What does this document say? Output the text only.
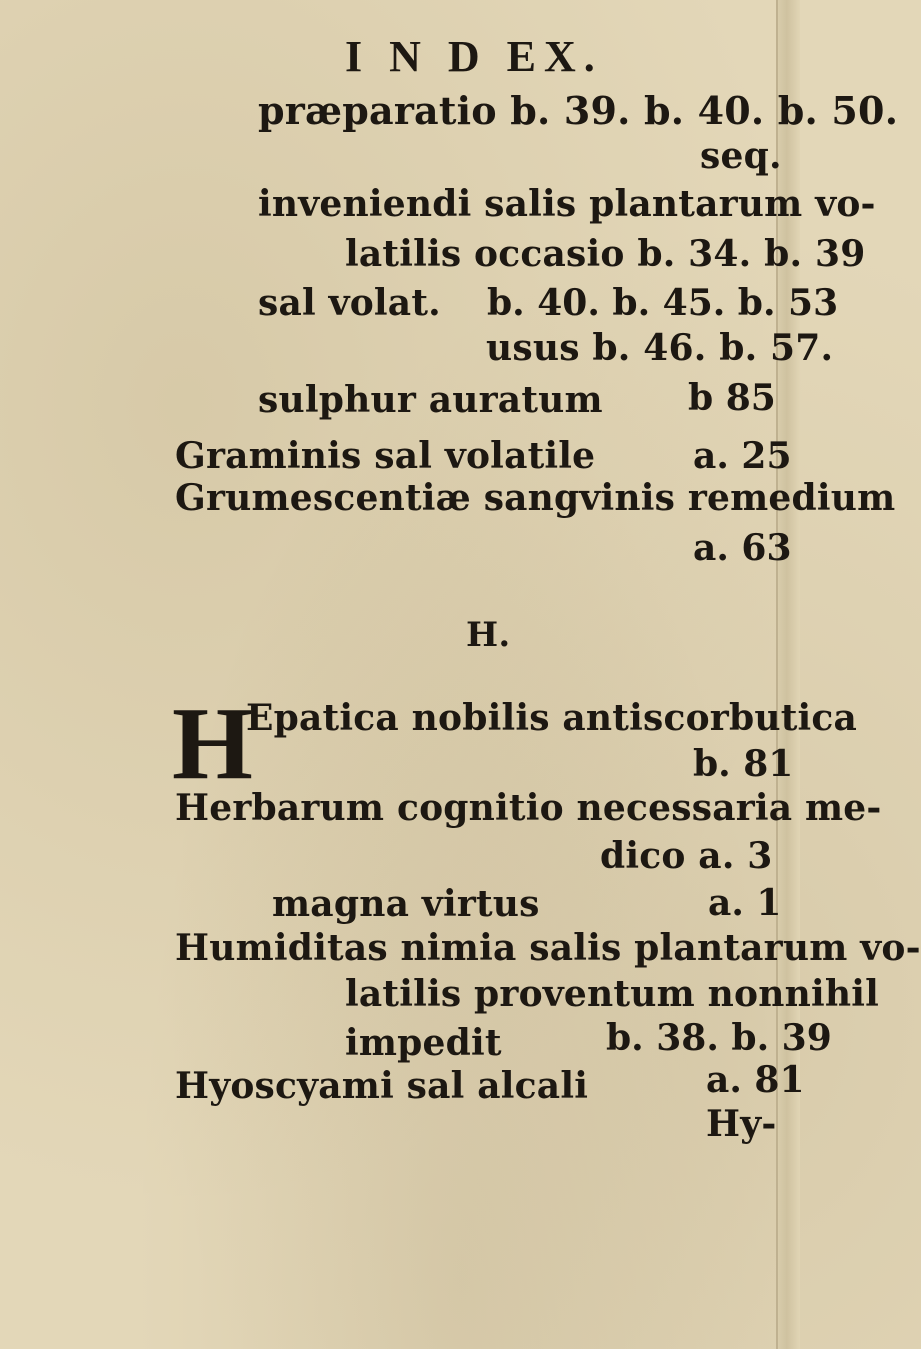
I N D EX.
præparatio b. 39. b. 40. b. 50.
seq.
inveniendi salis plantarum vo-
latilis occasio b. 34. b. 39
sal volat. b. 40. b. 45. b. 53
usus b. 46. b. 57.
sulphur auratum b 85
Graminis sal volatile	a. 25
Grumescentiæ sangvinis remedium
a. 63
H.
H
Epatica nobilis antiscorbutica
b. 81
Herbarum cognitio necessaria me-
dico a. 3
magna virtus	a. 1
Humiditas nimia salis plantarum vo-
latilis proventum nonnihil
impedit	b. 38. b. 39
Hyoscyami sal alcali	a. 81
Hy-
